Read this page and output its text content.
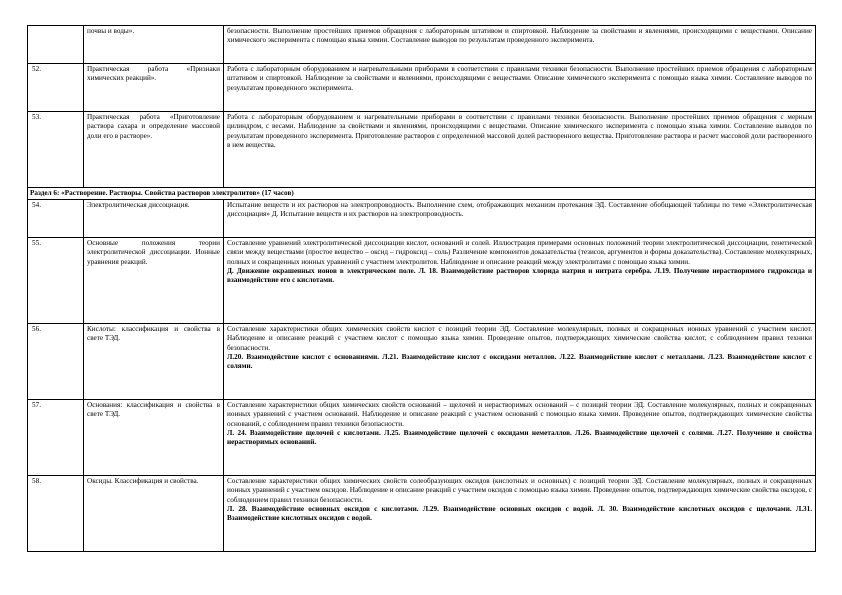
	почвы и воды».	безопасности. Выполнение простейших приемов обращения с лабораторным штативом и спиртовкой. Наблюдение за свойствами и явлениями, происходящими с веществами. Описание химического эксперимента с помощью языка химии. Составление выводов по результатам проведенного эксперимента.

52.	Практическая работа «Признаки химических реакций».	Работа с лабораторным оборудованием и нагревательными приборами в соответствии с правилами техники безопасности. Выполнение простейших приемов обращения с лабораторным штативом и спиртовкой. Наблюдение за свойствами и явлениями, происходящими с веществами. Описание химического эксперимента с помощью языка химии. Составление выводов по результатам проведенного эксперимента.

53.	Практическая работа «Приготовление раствора сахара и определение массовой доли его в растворе».	Работа с лабораторным оборудованием и нагревательными приборами в соответствии с правилами техники безопасности. Выполнение простейших приемов обращения с мерным цилиндром, с весами. Наблюдение за свойствами и явлениями, происходящими с веществами. Описание химического эксперимента с помощью языка химии. Составление выводов по результатам проведенного эксперимента. Приготовление растворов с определенной массовой долей растворенного вещества. Приготовление раствора и расчет массовой доли растворенного в нем вещества.

Раздел 6: «Растворение. Растворы. Свойства растворов электролитов» (17 часов)		
54.	Электролитическая диссоциация.	Испытание веществ и их растворов на электропроводность. Выполнение схем, отображающих механизм протекания ЭД. Составление обобщающей таблицы по теме «Электролитическая диссоциация» Д. Испытание веществ и их растворов на электропроводность.

55.	Основные положения теории электролитической диссоциации. Ионные уравнения реакций.	Составление уравнений электролитической диссоциации кислот, оснований и солей. Иллюстрация примерами основных положений теории электролитической диссоциации, генетической связи между веществами (простое вещество – оксид – гидроксид – соль) Различение компонентов доказательства (тезисов, аргументов и формы доказательства). Составление молекулярных, полных и сокращенных ионных уравнений с участием электролитов. Наблюдение и описание реакций между электролитами с помощью языка химии.
Д. Движение окрашенных ионов в электрическом поле. Л. 18. Взаимодействие растворов хлорида натрия и нитрата серебра. Л.19. Получение нерастворимого гидроксида и взаимодействие его с кислотами.

56.	Кислоты: классификация и свойства в свете ТЭД.	Составление характеристики общих химических свойств кислот с позиций теории ЭД. Составление молекулярных, полных и сокращенных ионных уравнений с участием кислот. Наблюдение и описание реакций с участием кислот с помощью языка химии. Проведение опытов, подтверждающих химические свойства кислот, с соблюдением правил техники безопасности.
Л.20. Взаимодействие кислот с основаниями. Л.21. Взаимодействие кислот с оксидами металлов. Л.22. Взаимодействие кислот с металлами. Л.23. Взаимодействие кислот с солями.

57.	Основания: классификация и свойства в свете ТЭД.	Составление характеристики общих химических свойств оснований – щелочей и нерастворимых оснований – с позиций теории ЭД. Составление молекулярных, полных и сокращенных ионных уравнений с участием оснований. Наблюдение и описание реакций с участием оснований с помощью языка химии. Проведение опытов, подтверждающих химические свойства оснований, с соблюдением правил техники безопасности.
Л. 24. Взаимодействие щелочей с кислотами. Л.25. Взаимодействие щелочей с оксидами неметаллов. Л.26. Взаимодействие щелочей с солями. Л.27. Получение и свойства нерастворимых оснований.

58.	Оксиды. Классификация и свойства.	Составление характеристики общих химических свойств солеобразующих оксидов (кислотных и основных) с позиций теории ЭД. Составление молекулярных, полных и сокращенных ионных уравнений с участием оксидов. Наблюдение и описание реакций с участием оксидов с помощью языка химии. Проведение опытов, подтверждающих химические свойства оксидов, с соблюдением правил техники безопасности.
Л. 28. Взаимодействие основных оксидов с кислотами. Л.29. Взаимодействие основных оксидов с водой. Л. 30. Взаимодействие кислотных оксидов с щелочами. Л.31. Взаимодействие кислотных оксидов с водой.
